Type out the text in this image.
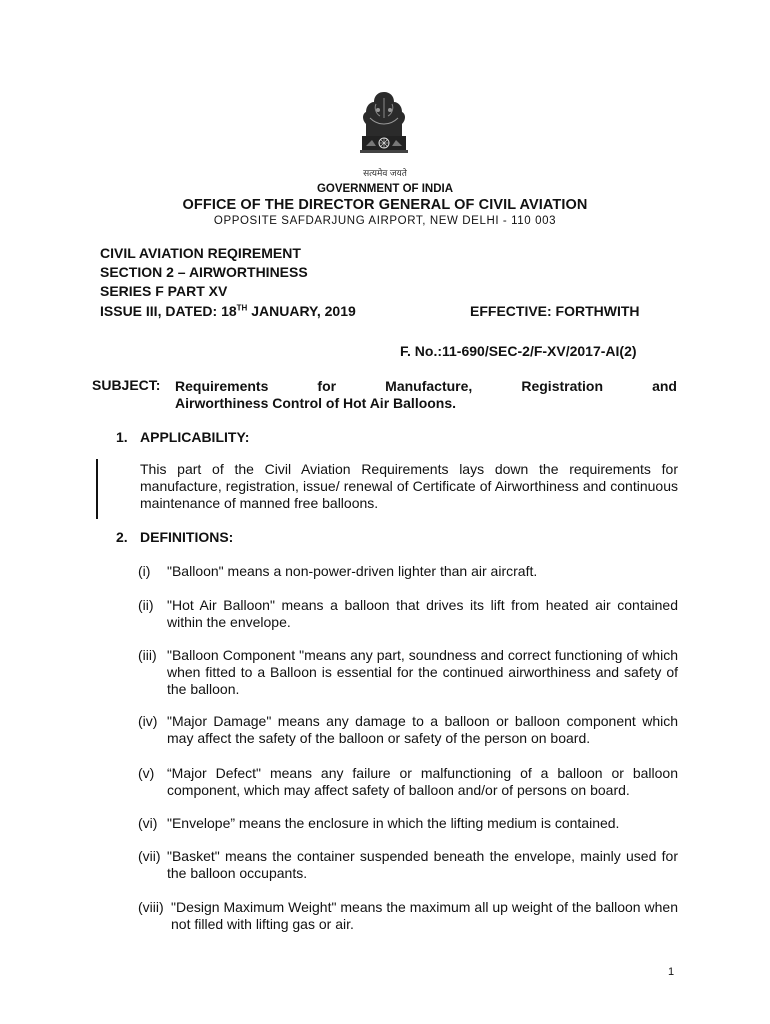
सत्यमेव जयते
GOVERNMENT OF INDIA
OFFICE OF THE DIRECTOR GENERAL OF CIVIL AVIATION
OPPOSITE SAFDARJUNG AIRPORT, NEW DELHI - 110 003
CIVIL AVIATION REQIREMENT
SECTION 2 – AIRWORTHINESS
SERIES F PART XV
ISSUE III, DATED: 18TH JANUARY, 2019	EFFECTIVE: FORTHWITH
F. No.:11-690/SEC-2/F-XV/2017-AI(2)
SUBJECT: Requirements for Manufacture, Registration and
Airworthiness Control of Hot Air Balloons.
1. APPLICABILITY:
This part of the Civil Aviation Requirements lays down the requirements for manufacture, registration, issue/ renewal of Certificate of Airworthiness and continuous maintenance of manned free balloons.
2. DEFINITIONS:
(i) "Balloon" means a non-power-driven lighter than air aircraft.
(ii) "Hot Air Balloon" means a balloon that drives its lift from heated air contained within the envelope.
(iii) "Balloon Component "means any part, soundness and correct functioning of which when fitted to a Balloon is essential for the continued airworthiness and safety of the balloon.
(iv) "Major Damage" means any damage to a balloon or balloon component which may affect the safety of the balloon or safety of the person on board.
(v) “Major Defect" means any failure or malfunctioning of a balloon or balloon component, which may affect safety of balloon and/or of persons on board.
(vi) "Envelope” means the enclosure in which the lifting medium is contained.
(vii) "Basket" means the container suspended beneath the envelope, mainly used for the balloon occupants.
(viii) "Design Maximum Weight" means the maximum all up weight of the balloon when not filled with lifting gas or air.
1
